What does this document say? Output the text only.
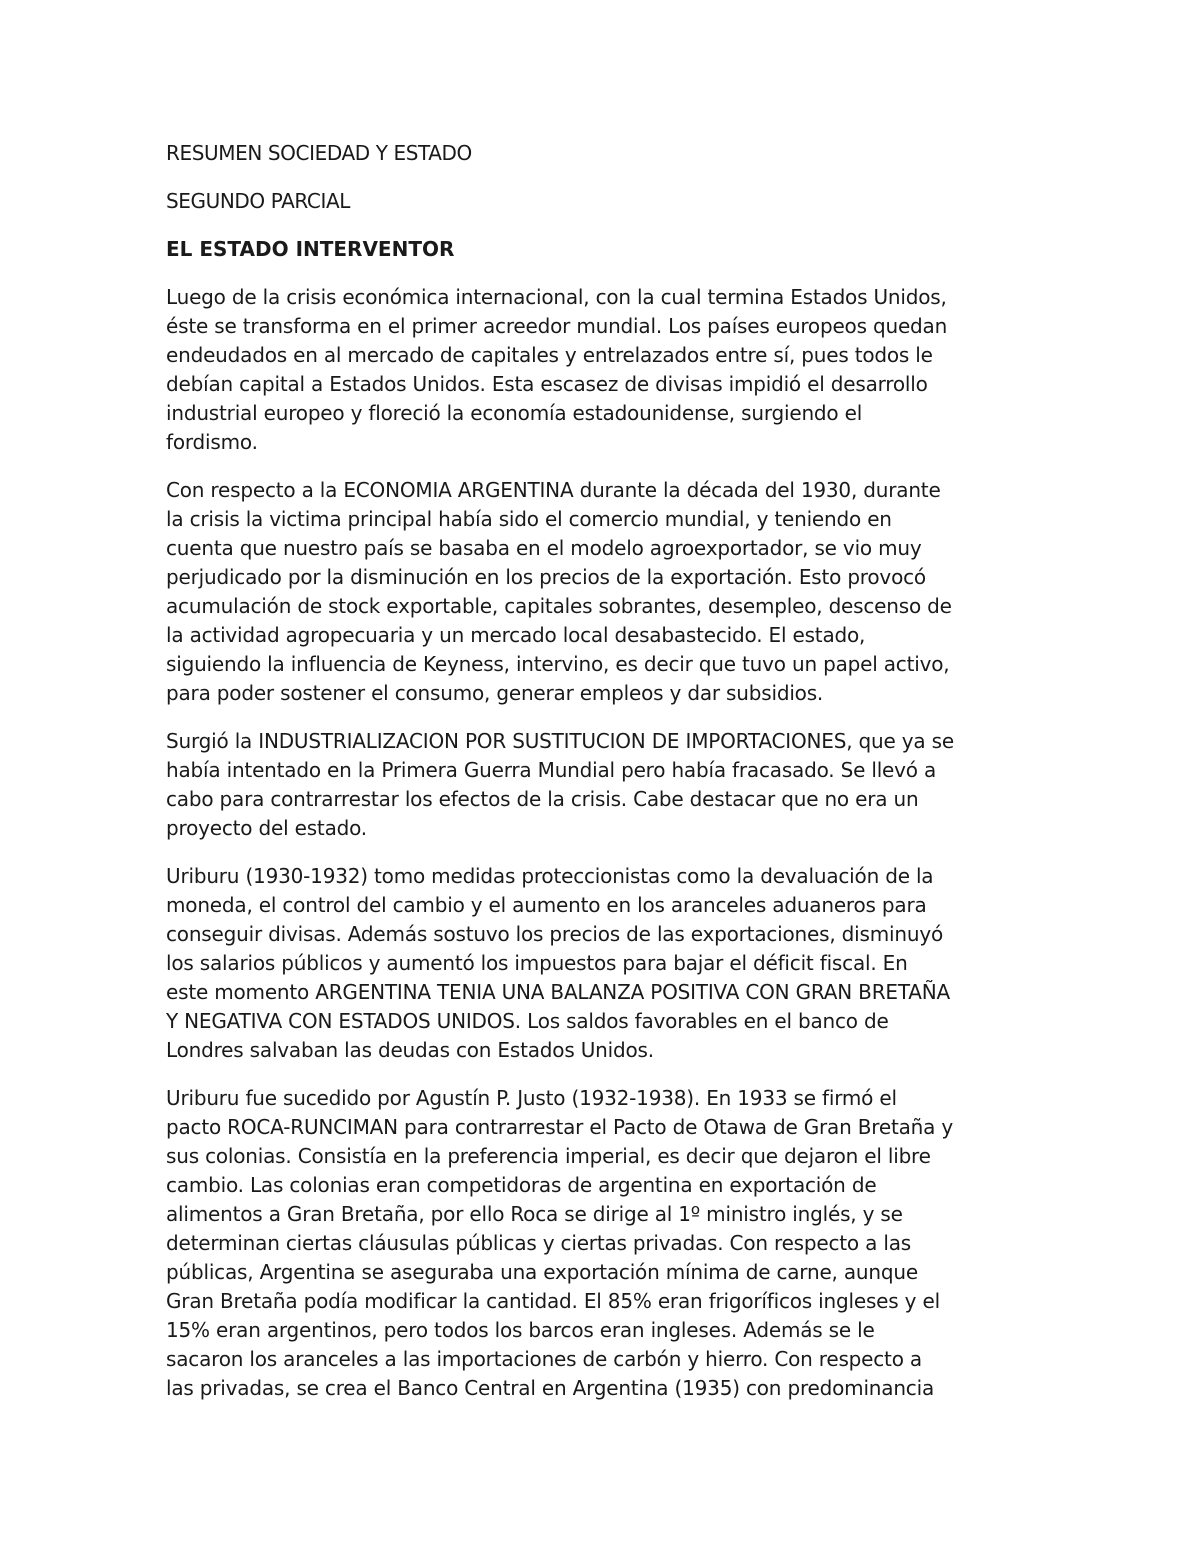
RESUMEN SOCIEDAD Y ESTADO

SEGUNDO PARCIAL

EL ESTADO INTERVENTOR

Luego de la crisis económica internacional, con la cual termina Estados Unidos,
éste se transforma en el primer acreedor mundial. Los países europeos quedan
endeudados en al mercado de capitales y entrelazados entre sí, pues todos le
debían capital a Estados Unidos. Esta escasez de divisas impidió el desarrollo
industrial europeo y floreció la economía estadounidense, surgiendo el
fordismo.

Con respecto a la ECONOMIA ARGENTINA durante la década del 1930, durante
la crisis la victima principal había sido el comercio mundial, y teniendo en
cuenta que nuestro país se basaba en el modelo agroexportador, se vio muy
perjudicado por la disminución en los precios de la exportación. Esto provocó
acumulación de stock exportable, capitales sobrantes, desempleo, descenso de
la actividad agropecuaria y un mercado local desabastecido. El estado,
siguiendo la influencia de Keyness, intervino, es decir que tuvo un papel activo,
para poder sostener el consumo, generar empleos y dar subsidios.

Surgió la INDUSTRIALIZACION POR SUSTITUCION DE IMPORTACIONES, que ya se
había intentado en la Primera Guerra Mundial pero había fracasado. Se llevó a
cabo para contrarrestar los efectos de la crisis. Cabe destacar que no era un
proyecto del estado.

Uriburu (1930-1932) tomo medidas proteccionistas como la devaluación de la
moneda, el control del cambio y el aumento en los aranceles aduaneros para
conseguir divisas. Además sostuvo los precios de las exportaciones, disminuyó
los salarios públicos y aumentó los impuestos para bajar el déficit fiscal. En
este momento ARGENTINA TENIA UNA BALANZA POSITIVA CON GRAN BRETAÑA
Y NEGATIVA CON ESTADOS UNIDOS. Los saldos favorables en el banco de
Londres salvaban las deudas con Estados Unidos.

Uriburu fue sucedido por Agustín P. Justo (1932-1938). En 1933 se firmó el
pacto ROCA-RUNCIMAN para contrarrestar el Pacto de Otawa de Gran Bretaña y
sus colonias. Consistía en la preferencia imperial, es decir que dejaron el libre
cambio. Las colonias eran competidoras de argentina en exportación de
alimentos a Gran Bretaña, por ello Roca se dirige al 1º ministro inglés, y se
determinan ciertas cláusulas públicas y ciertas privadas. Con respecto a las
públicas, Argentina se aseguraba una exportación mínima de carne, aunque
Gran Bretaña podía modificar la cantidad. El 85% eran frigoríficos ingleses y el
15% eran argentinos, pero todos los barcos eran ingleses. Además se le
sacaron los aranceles a las importaciones de carbón y hierro. Con respecto a
las privadas, se crea el Banco Central en Argentina (1935) con predominancia
